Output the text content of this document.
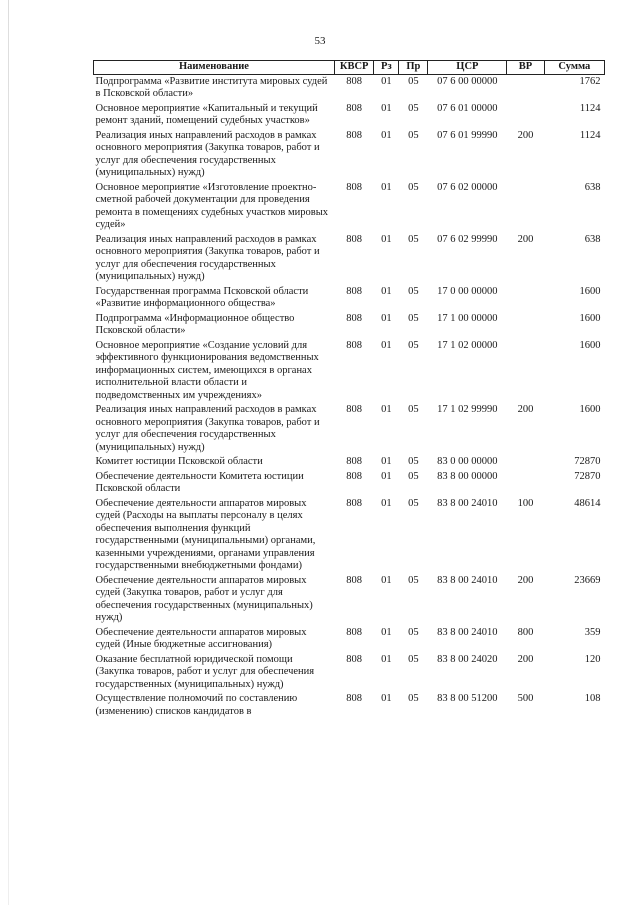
53
Наименование	КВСР	Рз	Пр	ЦСР	ВР	Сумма
Подпрограмма «Развитие института мировых судей в Псковской области»	808	01	05	07 6 00 00000		1762
Основное мероприятие «Капитальный и текущий ремонт зданий, помещений судебных участков»	808	01	05	07 6 01 00000		1124
Реализация иных направлений расходов в рамках основного мероприятия (Закупка товаров, работ и услуг для обеспечения государственных (муниципальных) нужд)	808	01	05	07 6 01 99990	200	1124
Основное мероприятие «Изготовление проектно-сметной рабочей документации для проведения ремонта в помещениях судебных участков мировых судей»	808	01	05	07 6 02 00000		638
Реализация иных направлений расходов в рамках основного мероприятия (Закупка товаров, работ и услуг для обеспечения государственных (муниципальных) нужд)	808	01	05	07 6 02 99990	200	638
Государственная программа Псковской области «Развитие информационного общества»	808	01	05	17 0 00 00000		1600
Подпрограмма «Информационное общество Псковской области»	808	01	05	17 1 00 00000		1600
Основное мероприятие «Создание условий для эффективного функционирования ведомственных информационных систем, имеющихся в органах исполнительной власти области и подведомственных им учреждениях»	808	01	05	17 1 02 00000		1600
Реализация иных направлений расходов в рамках основного мероприятия (Закупка товаров, работ и услуг для обеспечения государственных (муниципальных) нужд)	808	01	05	17 1 02 99990	200	1600
Комитет юстиции Псковской области	808	01	05	83 0 00 00000		72870
Обеспечение деятельности Комитета юстиции Псковской области	808	01	05	83 8 00 00000		72870
Обеспечение деятельности аппаратов мировых судей (Расходы на выплаты персоналу в целях обеспечения выполнения функций государственными (муниципальными) органами, казенными учреждениями, органами управления государственными внебюджетными фондами)	808	01	05	83 8 00 24010	100	48614
Обеспечение деятельности аппаратов мировых судей (Закупка товаров, работ и услуг для обеспечения государственных (муниципальных) нужд)	808	01	05	83 8 00 24010	200	23669
Обеспечение деятельности аппаратов мировых судей (Иные бюджетные ассигнования)	808	01	05	83 8 00 24010	800	359
Оказание бесплатной юридической помощи (Закупка товаров, работ и услуг для обеспечения государственных (муниципальных) нужд)	808	01	05	83 8 00 24020	200	120
Осуществление полномочий по составлению (изменению) списков кандидатов в	808	01	05	83 8 00 51200	500	108
